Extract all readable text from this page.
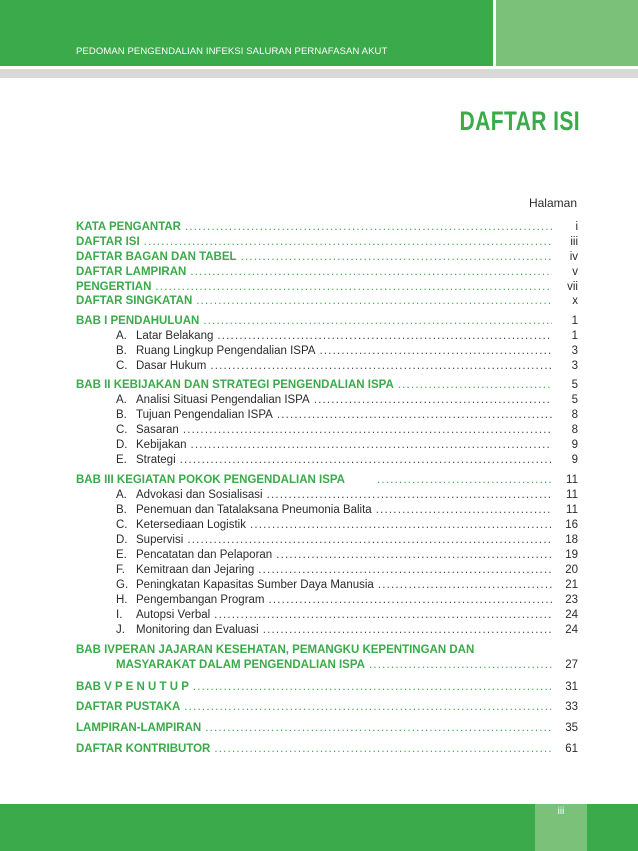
PEDOMAN PENGENDALIAN INFEKSI SALURAN PERNAFASAN AKUT
DAFTAR ISI
Halaman
KATA PENGANTAR .....	i
DAFTAR ISI .....	iii
DAFTAR BAGAN DAN TABEL .....	iv
DAFTAR LAMPIRAN .....	v
PENGERTIAN .....	vii
DAFTAR SINGKATAN .....	x
BAB I PENDAHULUAN .....	1
A. Latar Belakang .....	1
B. Ruang Lingkup Pengendalian ISPA .....	3
C. Dasar Hukum .....	3
BAB II KEBIJAKAN DAN STRATEGI PENGENDALIAN ISPA .....	5
A. Analisi Situasi Pengendalian ISPA .....	5
B. Tujuan Pengendalian ISPA .....	8
C. Sasaran .....	8
D. Kebijakan .....	9
E. Strategi .....	9
BAB III KEGIATAN POKOK PENGENDALIAN ISPA .....	11
A. Advokasi dan Sosialisasi .....	11
B. Penemuan dan Tatalaksana Pneumonia Balita .....	11
C. Ketersediaan Logistik .....	16
D. Supervisi .....	18
E. Pencatatan dan Pelaporan .....	19
F. Kemitraan dan Jejaring .....	20
G. Peningkatan Kapasitas Sumber Daya Manusia .....	21
H. Pengembangan Program .....	23
I.	Autopsi Verbal .....	24
J. Monitoring dan Evaluasi .....	24
BAB IVPERAN JAJARAN KESEHATAN, PEMANGKU KEPENTINGAN DAN
MASYARAKAT DALAM PENGENDALIAN ISPA .....	27
BAB V P E N U T U P .....	31
DAFTAR PUSTAKA .....	33
LAMPIRAN-LAMPIRAN .....	35
DAFTAR KONTRIBUTOR .....	61
iii
